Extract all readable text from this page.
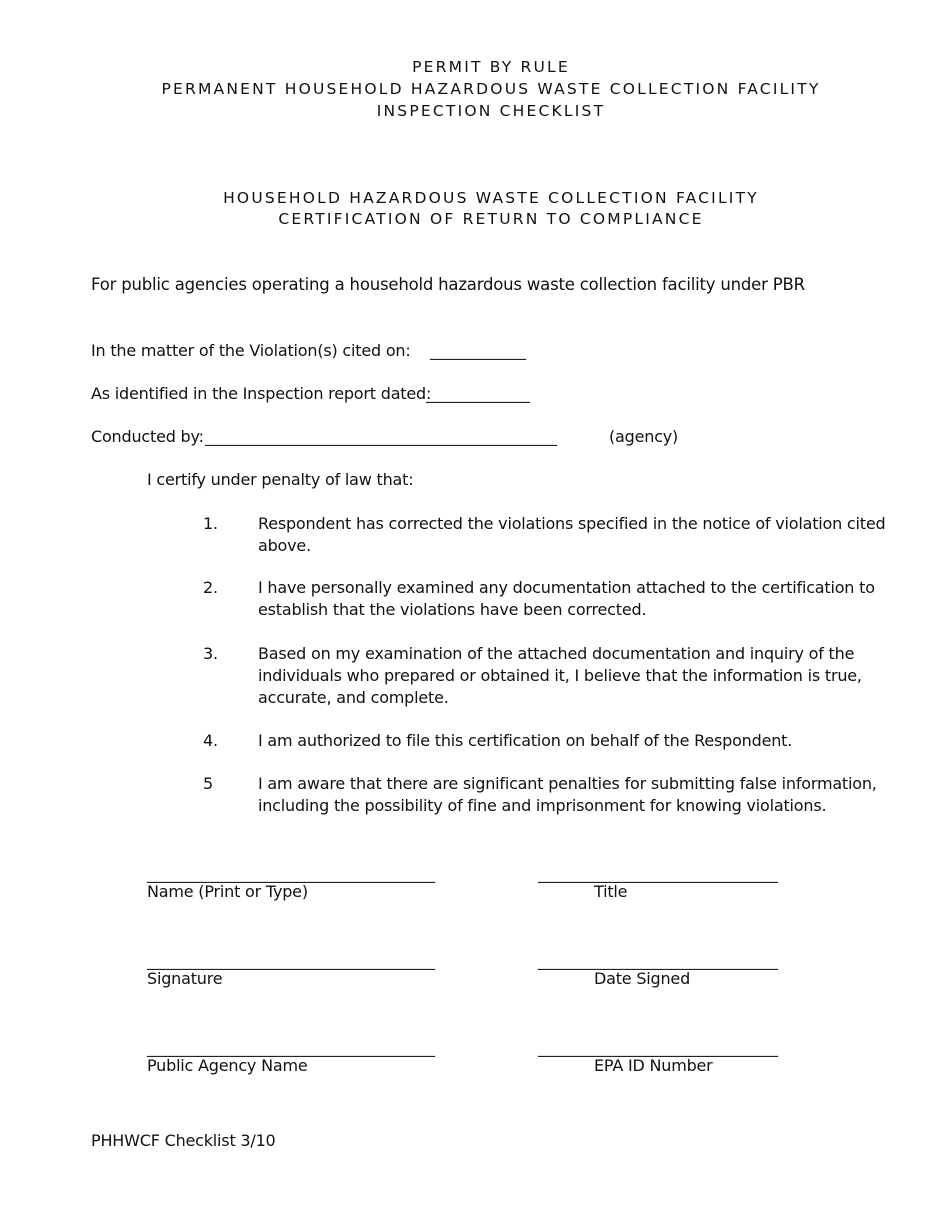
PERMIT BY RULE

PERMANENT HOUSEHOLD HAZARDOUS WASTE COLLECTION FACILITY

INSPECTION CHECKLIST

HOUSEHOLD HAZARDOUS WASTE COLLECTION FACILITY

CERTIFICATION OF RETURN TO COMPLIANCE

For public agencies operating a household hazardous waste collection facility under PBR

In the matter of the Violation(s) cited on: ____________

As identified in the Inspection report dated:

_____________

Conducted by: ____________________________________________	(agency)

I certify under penalty of law that:

1.	Respondent has corrected the violations specified in the notice of violation cited above.

2.	I have personally examined any documentation attached to the certification to establish that the violations have been corrected.

3.	Based on my examination of the attached documentation and inquiry of the individuals who prepared or obtained it, I believe that the information is true, accurate, and complete.

4.	I am authorized to file this certification on behalf of the Respondent.

5	I am aware that there are significant penalties for submitting false information, including the possibility of fine and imprisonment for knowing violations.

____________________________________	______________________________

Name (Print or Type)	Title

____________________________________	______________________________

Signature	Date Signed

____________________________________	______________________________

Public Agency Name	EPA ID Number

PHHWCF Checklist 3/10
